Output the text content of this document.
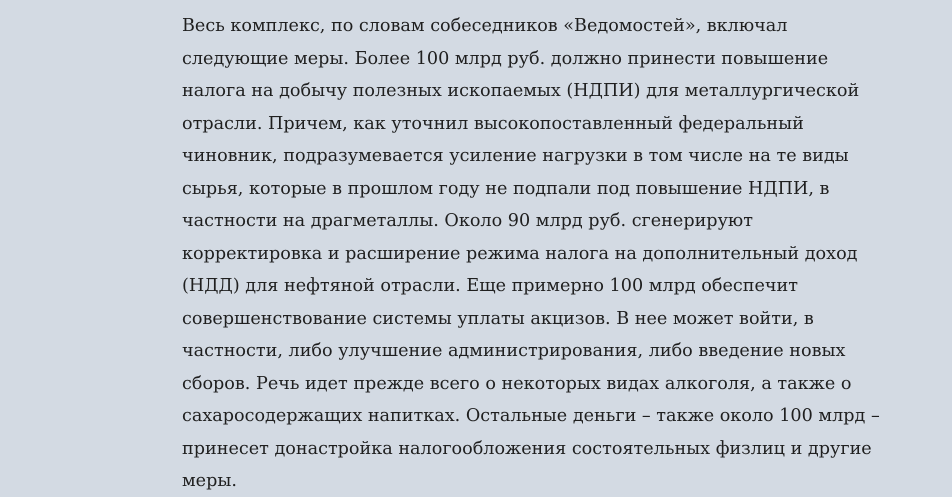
Весь комплекс, по словам собеседников «Ведомостей», включал
следующие меры. Более 100 млрд руб. должно принести повышение
налога на добычу полезных ископаемых (НДПИ) для металлургической
отрасли. Причем, как уточнил высокопоставленный федеральный
чиновник, подразумевается усиление нагрузки в том числе на те виды
сырья, которые в прошлом году не подпали под повышение НДПИ, в
частности на драгметаллы. Около 90 млрд руб. сгенерируют
корректировка и расширение режима налога на дополнительный доход
(НДД) для нефтяной отрасли. Еще примерно 100 млрд обеспечит
совершенствование системы уплаты акцизов. В нее может войти, в
частности, либо улучшение администрирования, либо введение новых
сборов. Речь идет прежде всего о некоторых видах алкоголя, а также о
сахаросодержащих напитках. Остальные деньги – также около 100 млрд –
принесет донастройка налогообложения состоятельных физлиц и другие
меры.
